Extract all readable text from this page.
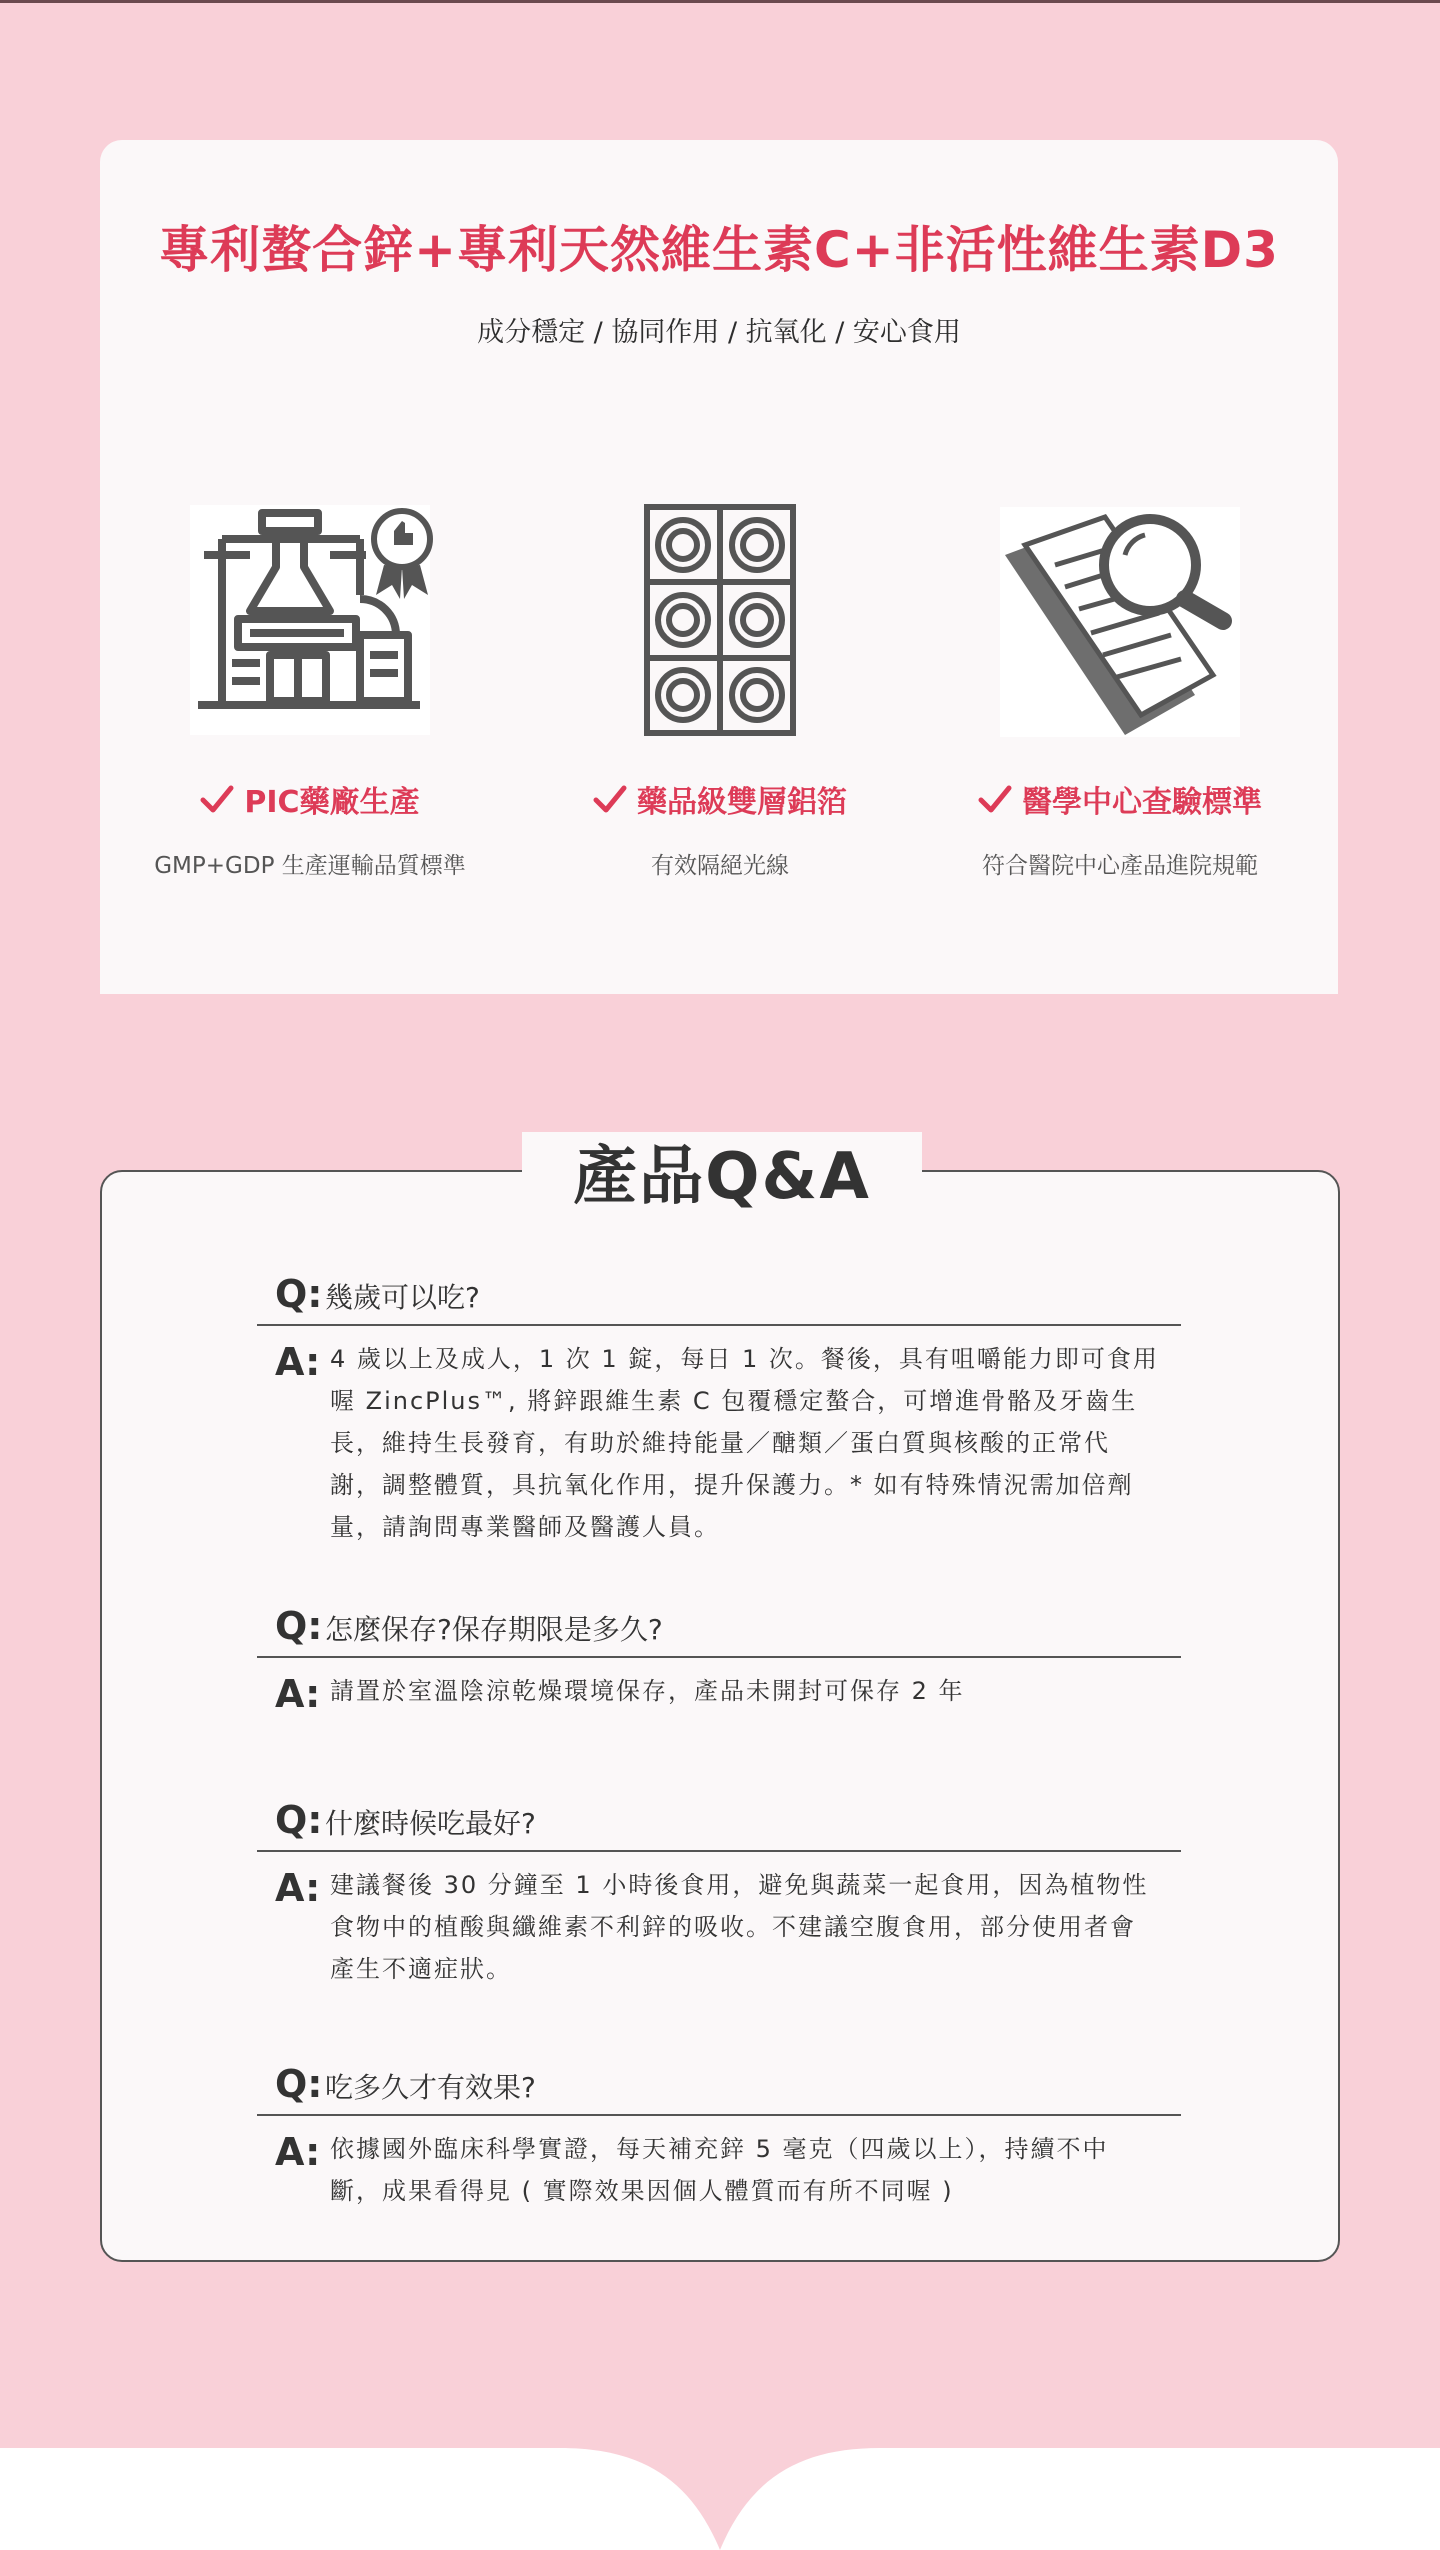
專利螯合鋅+專利天然維生素C+非活性維生素D3
成分穩定 / 協同作用 / 抗氧化 / 安心食用
PIC藥廠生產
GMP+GDP 生產運輸品質標準
藥品級雙層鋁箔
有效隔絕光線
醫學中心查驗標準
符合醫院中心產品進院規範
產品Q&A
Q: 幾歲可以吃?
A: 4 歲以上及成人，1 次 1 錠，每日 1 次。餐後，具有咀嚼能力即可食用喔 ZincPlus™, 將鋅跟維生素 C 包覆穩定螯合，可增進骨骼及牙齒生長，維持生長發育，有助於維持能量／醣類／蛋白質與核酸的正常代謝，調整體質，具抗氧化作用，提升保護力。* 如有特殊情況需加倍劑量，請詢問專業醫師及醫護人員。
Q: 怎麼保存?保存期限是多久?
A: 請置於室溫陰涼乾燥環境保存，產品未開封可保存 2 年
Q: 什麼時候吃最好?
A: 建議餐後 30 分鐘至 1 小時後食用，避免與蔬菜一起食用，因為植物性食物中的植酸與纖維素不利鋅的吸收。不建議空腹食用，部分使用者會產生不適症狀。
Q: 吃多久才有效果?
A: 依據國外臨床科學實證，每天補充鋅 5 毫克（四歲以上），持續不中斷，成果看得見 ( 實際效果因個人體質而有所不同喔 )
